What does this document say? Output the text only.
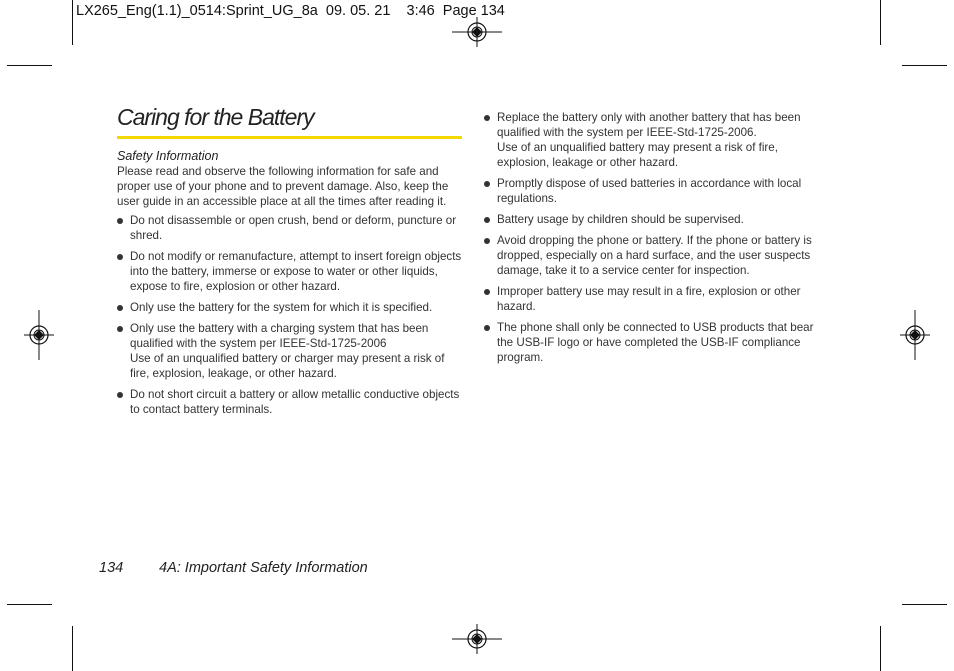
LX265_Eng(1.1)_0514:Sprint_UG_8a  09. 05. 21    3:46  Page 134
Caring for the Battery
Safety Information

Please read and observe the following information for safe and proper use of your phone and to prevent damage. Also, keep the user guide in an accessible place at all the times after reading it.

Do not disassemble or open crush, bend or deform, puncture or shred.
Do not modify or remanufacture, attempt to insert foreign objects into the battery, immerse or expose to water or other liquids, expose to fire, explosion or other hazard.
Only use the battery for the system for which it is specified.
Only use the battery with a charging system that has been qualified with the system per IEEE-Std-1725-2006
Use of an unqualified battery or charger may present a risk of fire, explosion, leakage, or other hazard.
Do not short circuit a battery or allow metallic conductive objects to contact battery terminals.
Replace the battery only with another battery that has been qualified with the system per IEEE-Std-1725-2006.
Use of an unqualified battery may present a risk of fire, explosion, leakage or other hazard.
Promptly dispose of used batteries in accordance with local regulations.
Battery usage by children should be supervised.
Avoid dropping the phone or battery. If the phone or battery is dropped, especially on a hard surface, and the user suspects damage, take it to a service center for inspection.
Improper battery use may result in a fire, explosion or other hazard.
The phone shall only be connected to USB products that bear the USB-IF logo or have completed the USB-IF compliance program.
134 4A: Important Safety Information
